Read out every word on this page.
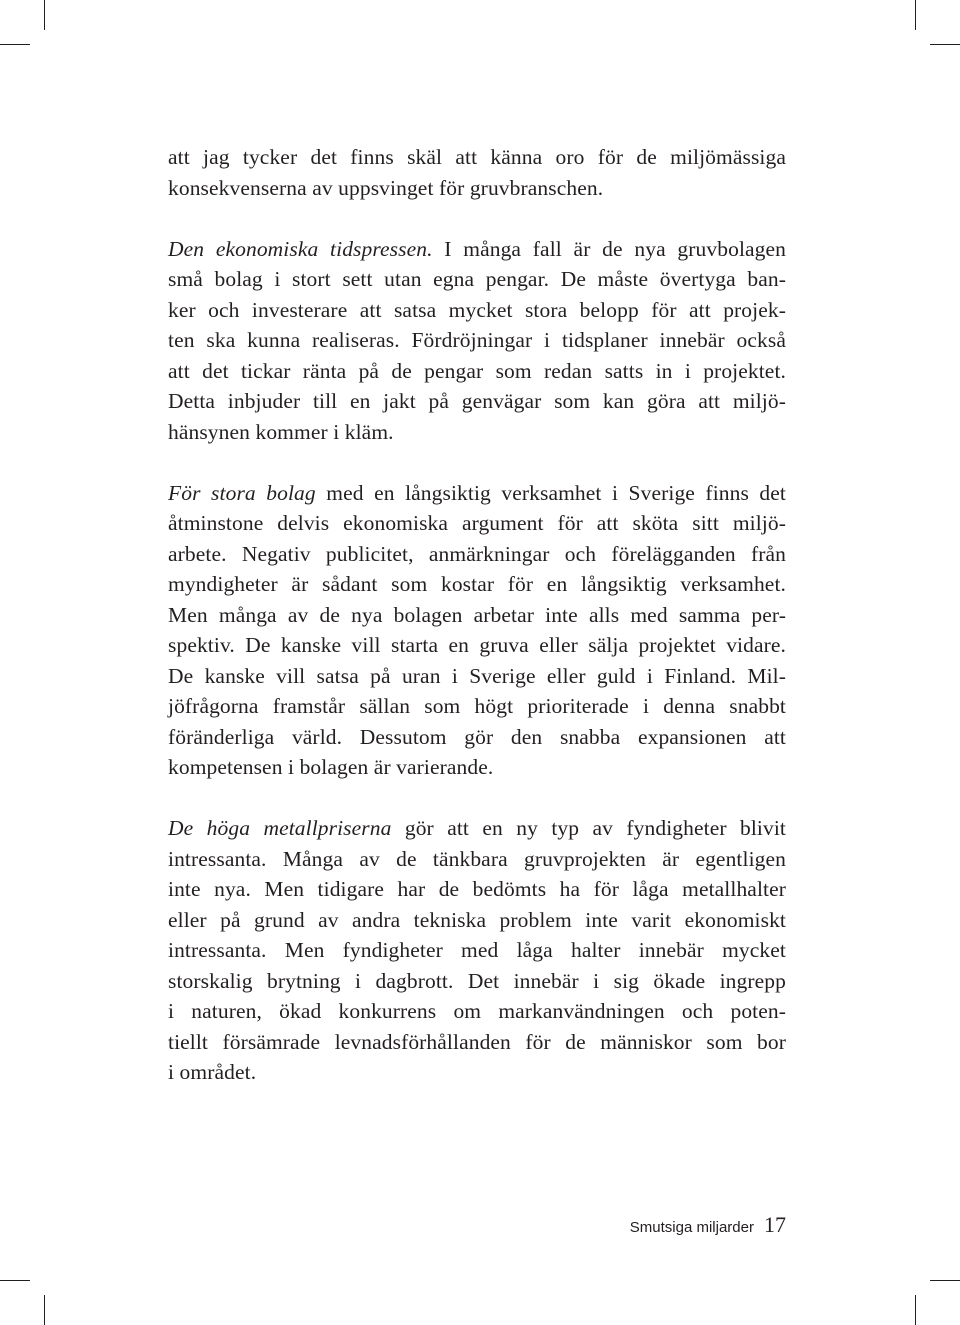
att jag tycker det finns skäl att känna oro för de miljömässiga
konsekvenserna av uppsvinget för gruvbranschen.
Den ekonomiska tidspressen. I många fall är de nya gruvbolagen
små bolag i stort sett utan egna pengar. De måste övertyga ban-
ker och investerare att satsa mycket stora belopp för att projek-
ten ska kunna realiseras. Fördröjningar i tidsplaner innebär också
att det tickar ränta på de pengar som redan satts in i projektet.
Detta inbjuder till en jakt på genvägar som kan göra att miljö-
hänsynen kommer i kläm.
För stora bolag med en långsiktig verksamhet i Sverige finns det
åtminstone delvis ekonomiska argument för att sköta sitt miljö-
arbete. Negativ publicitet, anmärkningar och förelägganden från
myndigheter är sådant som kostar för en långsiktig verksamhet.
Men många av de nya bolagen arbetar inte alls med samma per-
spektiv. De kanske vill starta en gruva eller sälja projektet vidare.
De kanske vill satsa på uran i Sverige eller guld i Finland. Mil-
jöfrågorna framstår sällan som högt prioriterade i denna snabbt
föränderliga värld. Dessutom gör den snabba expansionen att
kompetensen i bolagen är varierande.
De höga metallpriserna gör att en ny typ av fyndigheter blivit
intressanta. Många av de tänkbara gruvprojekten är egentligen
inte nya. Men tidigare har de bedömts ha för låga metallhalter
eller på grund av andra tekniska problem inte varit ekonomiskt
intressanta. Men fyndigheter med låga halter innebär mycket
storskalig brytning i dagbrott. Det innebär i sig ökade ingrepp
i naturen, ökad konkurrens om markanvändningen och poten-
tiellt försämrade levnadsförhållanden för de människor som bor
i området.
Smutsiga miljarder 17
